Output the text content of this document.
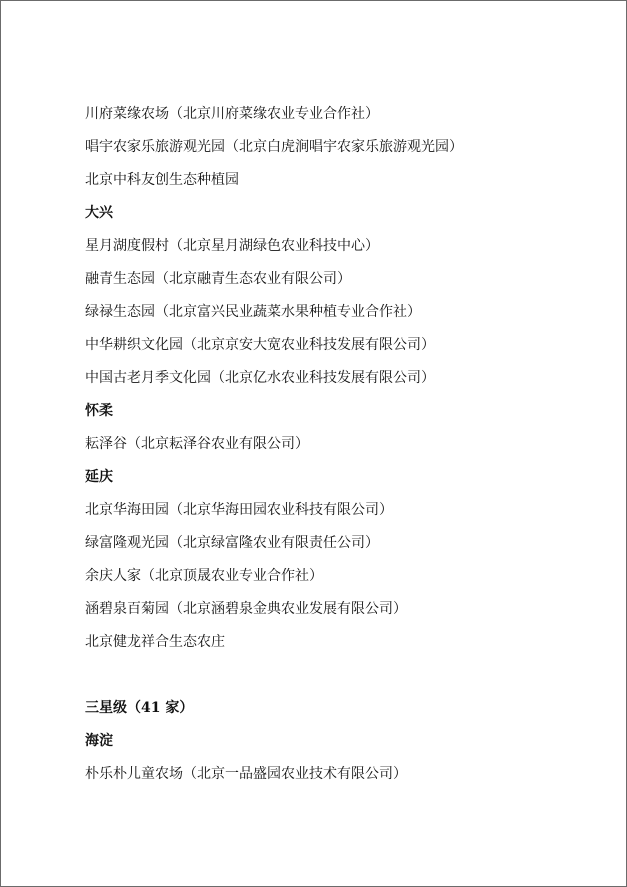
川府菜缘农场（北京川府菜缘农业专业合作社）
唱宇农家乐旅游观光园（北京白虎涧唱宇农家乐旅游观光园）
北京中科友创生态种植园
大兴
星月湖度假村（北京星月湖绿色农业科技中心）
融青生态园（北京融青生态农业有限公司）
绿禄生态园（北京富兴民业蔬菜水果种植专业合作社）
中华耕织文化园（北京京安大宽农业科技发展有限公司）
中国古老月季文化园（北京亿水农业科技发展有限公司）
怀柔
耘泽谷（北京耘泽谷农业有限公司）
延庆
北京华海田园（北京华海田园农业科技有限公司）
绿富隆观光园（北京绿富隆农业有限责任公司）
余庆人家（北京顶晟农业专业合作社）
涵碧泉百菊园（北京涵碧泉金典农业发展有限公司）
北京健龙祥合生态农庄
三星级（41 家）
海淀
朴乐朴儿童农场（北京一品盛园农业技术有限公司）
